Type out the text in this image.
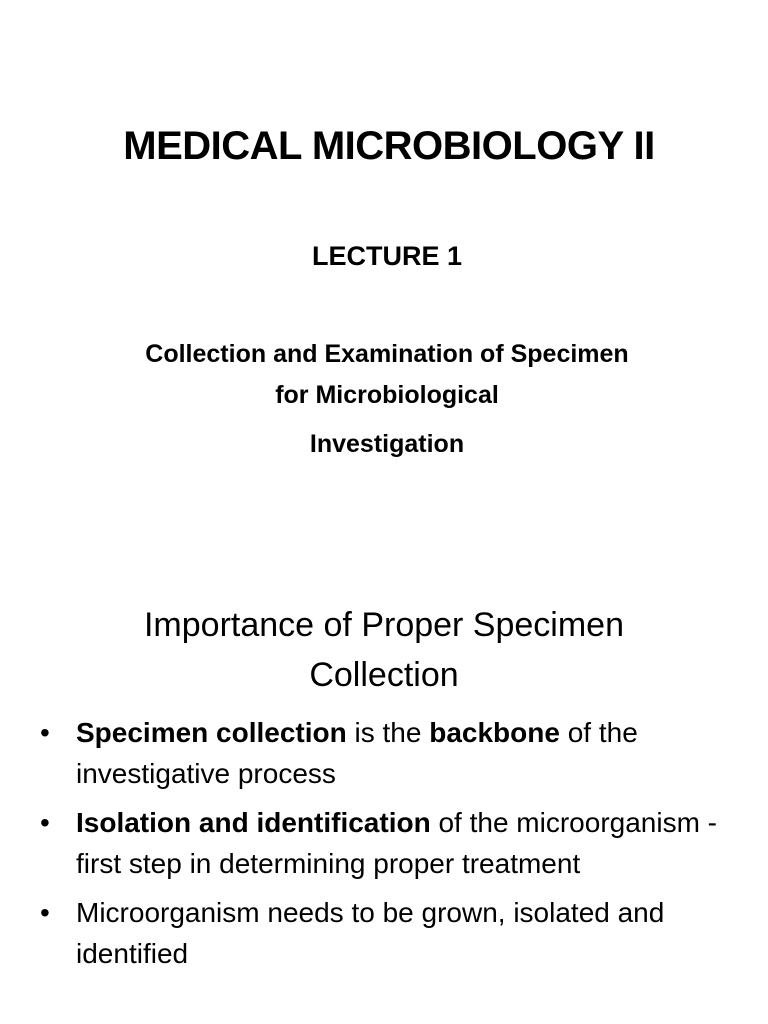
MEDICAL MICROBIOLOGY II
LECTURE 1
Collection and Examination of Specimen
for Microbiological
Investigation
Importance of Proper Specimen
Collection
• Specimen collection is the backbone of the investigative process
• Isolation and identification of the microorganism - first step in determining proper treatment
• Microorganism needs to be grown, isolated and identified
